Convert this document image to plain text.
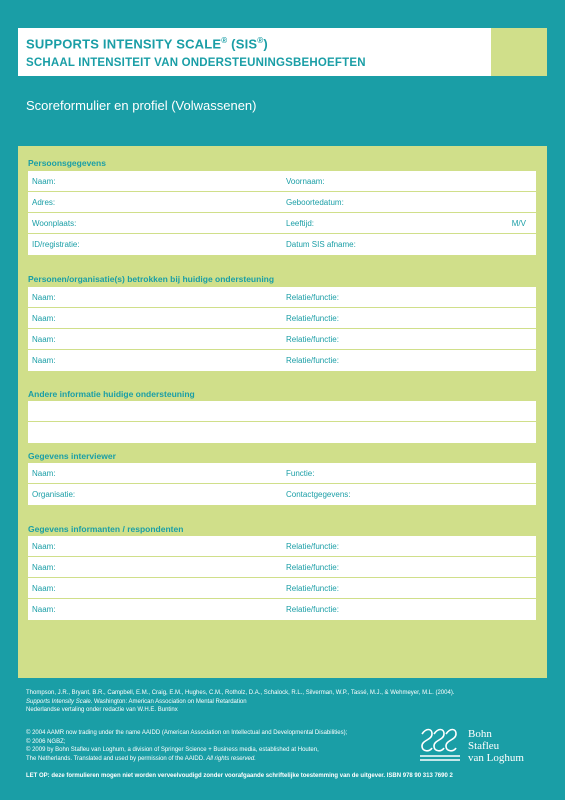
SUPPORTS INTENSITY SCALE® (SIS®)
SCHAAL INTENSITEIT VAN ONDERSTEUNINGSBEHOEFTEN
Scoreformulier en profiel (Volwassenen)
Persoonsgegevens
Naam:	Voornaam:
Adres:	Geboortedatum:
Woonplaats:	Leeftijd:	M/V
ID/registratie:	Datum SIS afname:
Personen/organisatie(s) betrokken bij huidige ondersteuning
Naam:	Relatie/functie:
Naam:	Relatie/functie:
Naam:	Relatie/functie:
Naam:	Relatie/functie:
Andere informatie huidige ondersteuning
Gegevens interviewer
Naam:	Functie:
Organisatie:	Contactgegevens:
Gegevens informanten / respondenten
Naam:	Relatie/functie:
Naam:	Relatie/functie:
Naam:	Relatie/functie:
Naam:	Relatie/functie:
Thompson, J.R., Bryant, B.R., Campbell, E.M., Craig, E.M., Hughes, C.M., Rotholz, D.A., Schalock, R.L., Silverman, W.P., Tassé, M.J., & Wehmeyer, M.L. (2004).
Supports Intensity Scale. Washington: American Association on Mental Retardation
Nederlandse vertaling onder redactie van W.H.E. Buntinx
© 2004 AAMR now trading under the name AAIDD (American Association on Intellectual and Developmental Disabilities);
© 2006 NGBZ;
© 2009 by Bohn Stafleu van Loghum, a division of Springer Science + Business media, established at Houten,
The Netherlands. Translated and used by permission of the AAIDD. All rights reserved.
Bohn
Stafleu
van Loghum
LET OP: deze formulieren mogen niet worden verveelvoudigd zonder voorafgaande schriftelijke toestemming van de uitgever. ISBN 978 90 313 7690 2
